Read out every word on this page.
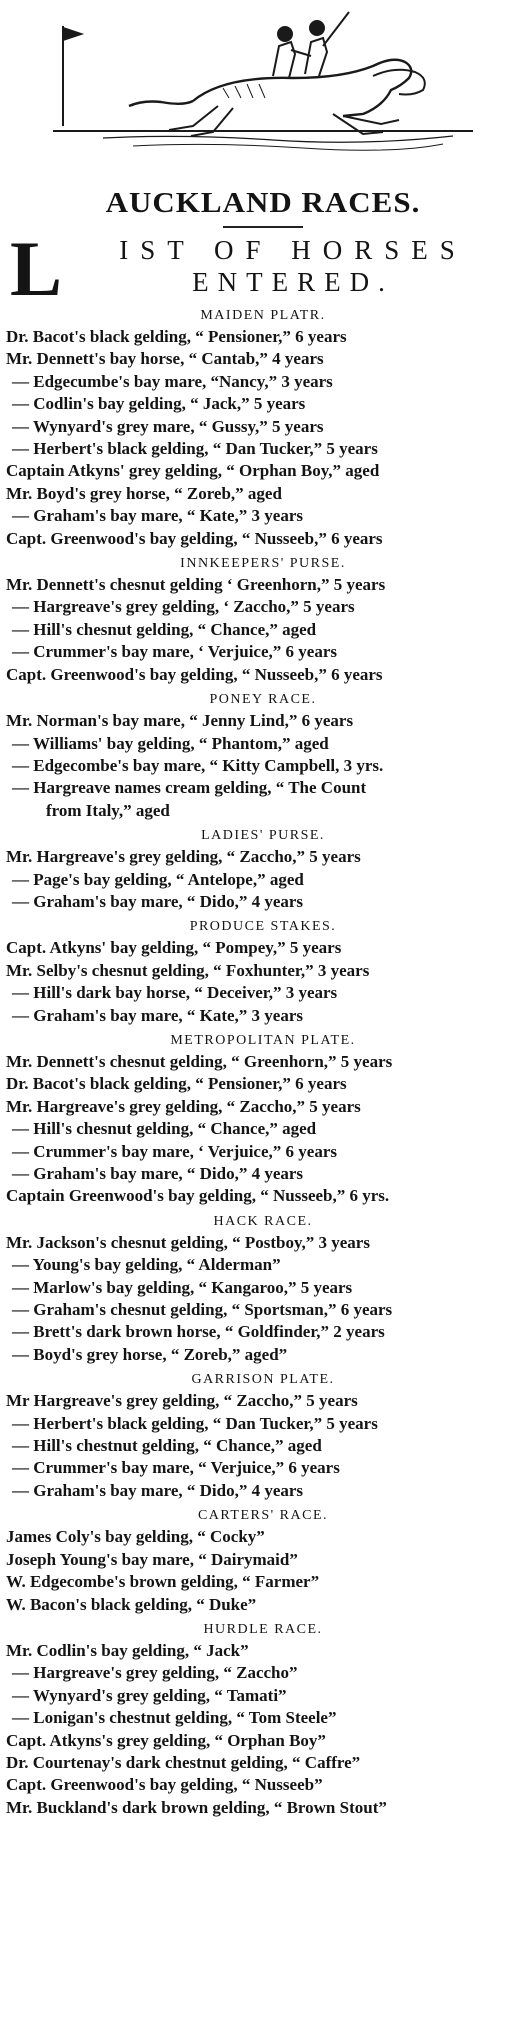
AUCKLAND RACES.
L	IST OF HORSES
ENTERED.
MAIDEN PLATR.
Dr. Bacot's black gelding, “ Pensioner,” 6 years
Mr. Dennett's bay horse, “ Cantab,” 4 years
— Edgecumbe's bay mare, “Nancy,” 3 years
— Codlin's bay gelding, “ Jack,” 5 years
— Wynyard's grey mare, “ Gussy,” 5 years
— Herbert's black gelding, “ Dan Tucker,” 5 years
Captain Atkyns' grey gelding, “ Orphan Boy,” aged
Mr. Boyd's grey horse, “ Zoreb,” aged
— Graham's bay mare, “ Kate,” 3 years
Capt. Greenwood's bay gelding, “ Nusseeb,” 6 years
INNKEEPERS' PURSE.
Mr. Dennett's chesnut gelding ‘ Greenhorn,” 5 years
— Hargreave's grey gelding, ‘ Zaccho,” 5 years
— Hill's chesnut gelding, “ Chance,” aged
— Crummer's bay mare, ‘ Verjuice,” 6 years
Capt. Greenwood's bay gelding, “ Nusseeb,” 6 years
PONEY RACE.
Mr. Norman's bay mare, “ Jenny Lind,” 6 years
— Williams' bay gelding, “ Phantom,” aged
— Edgecombe's bay mare, “ Kitty Campbell, 3 yrs.
— Hargreave names cream gelding, “ The Count
from Italy,” aged
LADIES' PURSE.
Mr. Hargreave's grey gelding, “ Zaccho,” 5 years
— Page's bay gelding, “ Antelope,” aged
— Graham's bay mare, “ Dido,” 4 years
PRODUCE STAKES.
Capt. Atkyns' bay gelding, “ Pompey,” 5 years
Mr. Selby's chesnut gelding, “ Foxhunter,” 3 years
— Hill's dark bay horse, “ Deceiver,” 3 years
— Graham's bay mare, “ Kate,” 3 years
METROPOLITAN PLATE.
Mr. Dennett's chesnut gelding, “ Greenhorn,” 5 years
Dr. Bacot's black gelding, “ Pensioner,” 6 years
Mr. Hargreave's grey gelding, “ Zaccho,” 5 years
— Hill's chesnut gelding, “ Chance,” aged
— Crummer's bay mare, ‘ Verjuice,” 6 years
— Graham's bay mare, “ Dido,” 4 years
Captain Greenwood's bay gelding, “ Nusseeb,” 6 yrs.
HACK RACE.
Mr. Jackson's chesnut gelding, “ Postboy,” 3 years
— Young's bay gelding, “ Alderman”
— Marlow's bay gelding, “ Kangaroo,” 5 years
— Graham's chesnut gelding, “ Sportsman,” 6 years
— Brett's dark brown horse, “ Goldfinder,” 2 years
— Boyd's grey horse, “ Zoreb,” aged”
GARRISON PLATE.
Mr Hargreave's grey gelding, “ Zaccho,” 5 years
— Herbert's black gelding, “ Dan Tucker,” 5 years
— Hill's chestnut gelding, “ Chance,” aged
— Crummer's bay mare, “ Verjuice,” 6 years
— Graham's bay mare, “ Dido,” 4 years
CARTERS' RACE.
James Coly's bay gelding, “ Cocky”
Joseph Young's bay mare, “ Dairymaid”
W. Edgecombe's brown gelding, “ Farmer”
W. Bacon's black gelding, “ Duke”
HURDLE RACE.
Mr. Codlin's bay gelding, “ Jack”
— Hargreave's grey gelding, “ Zaccho”
— Wynyard's grey gelding, “ Tamati”
— Lonigan's chestnut gelding, “ Tom Steele”
Capt. Atkyns's grey gelding, “ Orphan Boy”
Dr. Courtenay's dark chestnut gelding, “ Caffre”
Capt. Greenwood's bay gelding, “ Nusseeb”
Mr. Buckland's dark brown gelding, “ Brown Stout”
